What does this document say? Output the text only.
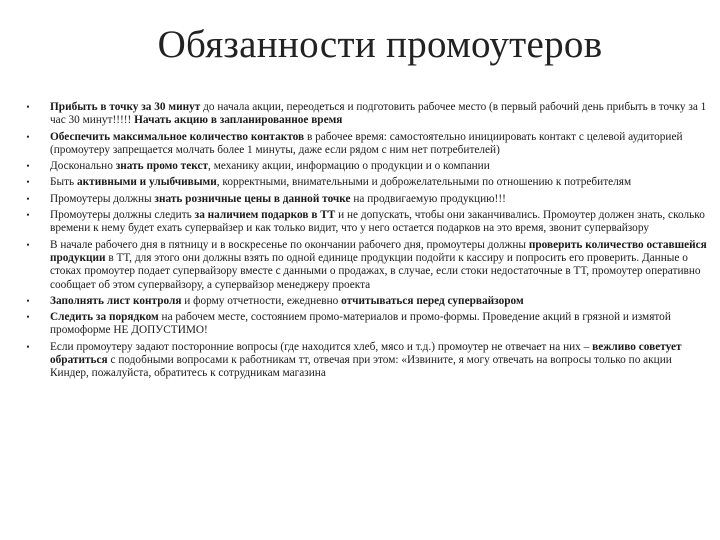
Обязанности промоутеров
• Прибыть в точку за 30 минут до начала акции, переодеться и подготовить рабочее место (в первый рабочий день прибыть в точку за 1 час 30 минут!!!!! Начать акцию в запланированное время
• Обеспечить максимальное количество контактов в рабочее время: самостоятельно инициировать контакт с целевой аудиторией (промоутеру запрещается молчать более 1 минуты, даже если рядом с ним нет потребителей)
• Досконально знать промо текст, механику акции, информацию о продукции и о компании
• Быть активными и улыбчивыми, корректными, внимательными и доброжелательными по отношению к потребителям
• Промоутеры должны знать розничные цены в данной точке на продвигаемую продукцию!!!
• Промоутеры должны следить за наличием подарков в ТТ и не допускать, чтобы они заканчивались. Промоутер должен знать, сколько времени к нему будет ехать супервайзер и как только видит, что у него остается подарков на это время, звонит супервайзору
• В начале рабочего дня в пятницу и в воскресенье по окончании рабочего дня, промоутеры должны проверить количество оставшейся продукции в ТТ, для этого они должны взять по одной единице продукции подойти к кассиру и попросить его проверить. Данные о стоках промоутер подает супервайзору вместе с данными о продажах, в случае, если стоки недостаточные в ТТ, промоутер оперативно сообщает об этом супервайзору, а супервайзор менеджеру проекта
• Заполнять лист контроля и форму отчетности, ежедневно отчитываться перед супервайзором
• Следить за порядком на рабочем месте, состоянием промо-материалов и промо-формы. Проведение акций в грязной и измятой промоформе НЕ ДОПУСТИМО!
• Если промоутеру задают посторонние вопросы (где находится хлеб, мясо и т.д.) промоутер не отвечает на них – вежливо советует обратиться с подобными вопросами к работникам тт, отвечая при этом: «Извините, я могу отвечать на вопросы только по акции Киндер, пожалуйста, обратитесь к сотрудникам магазина
